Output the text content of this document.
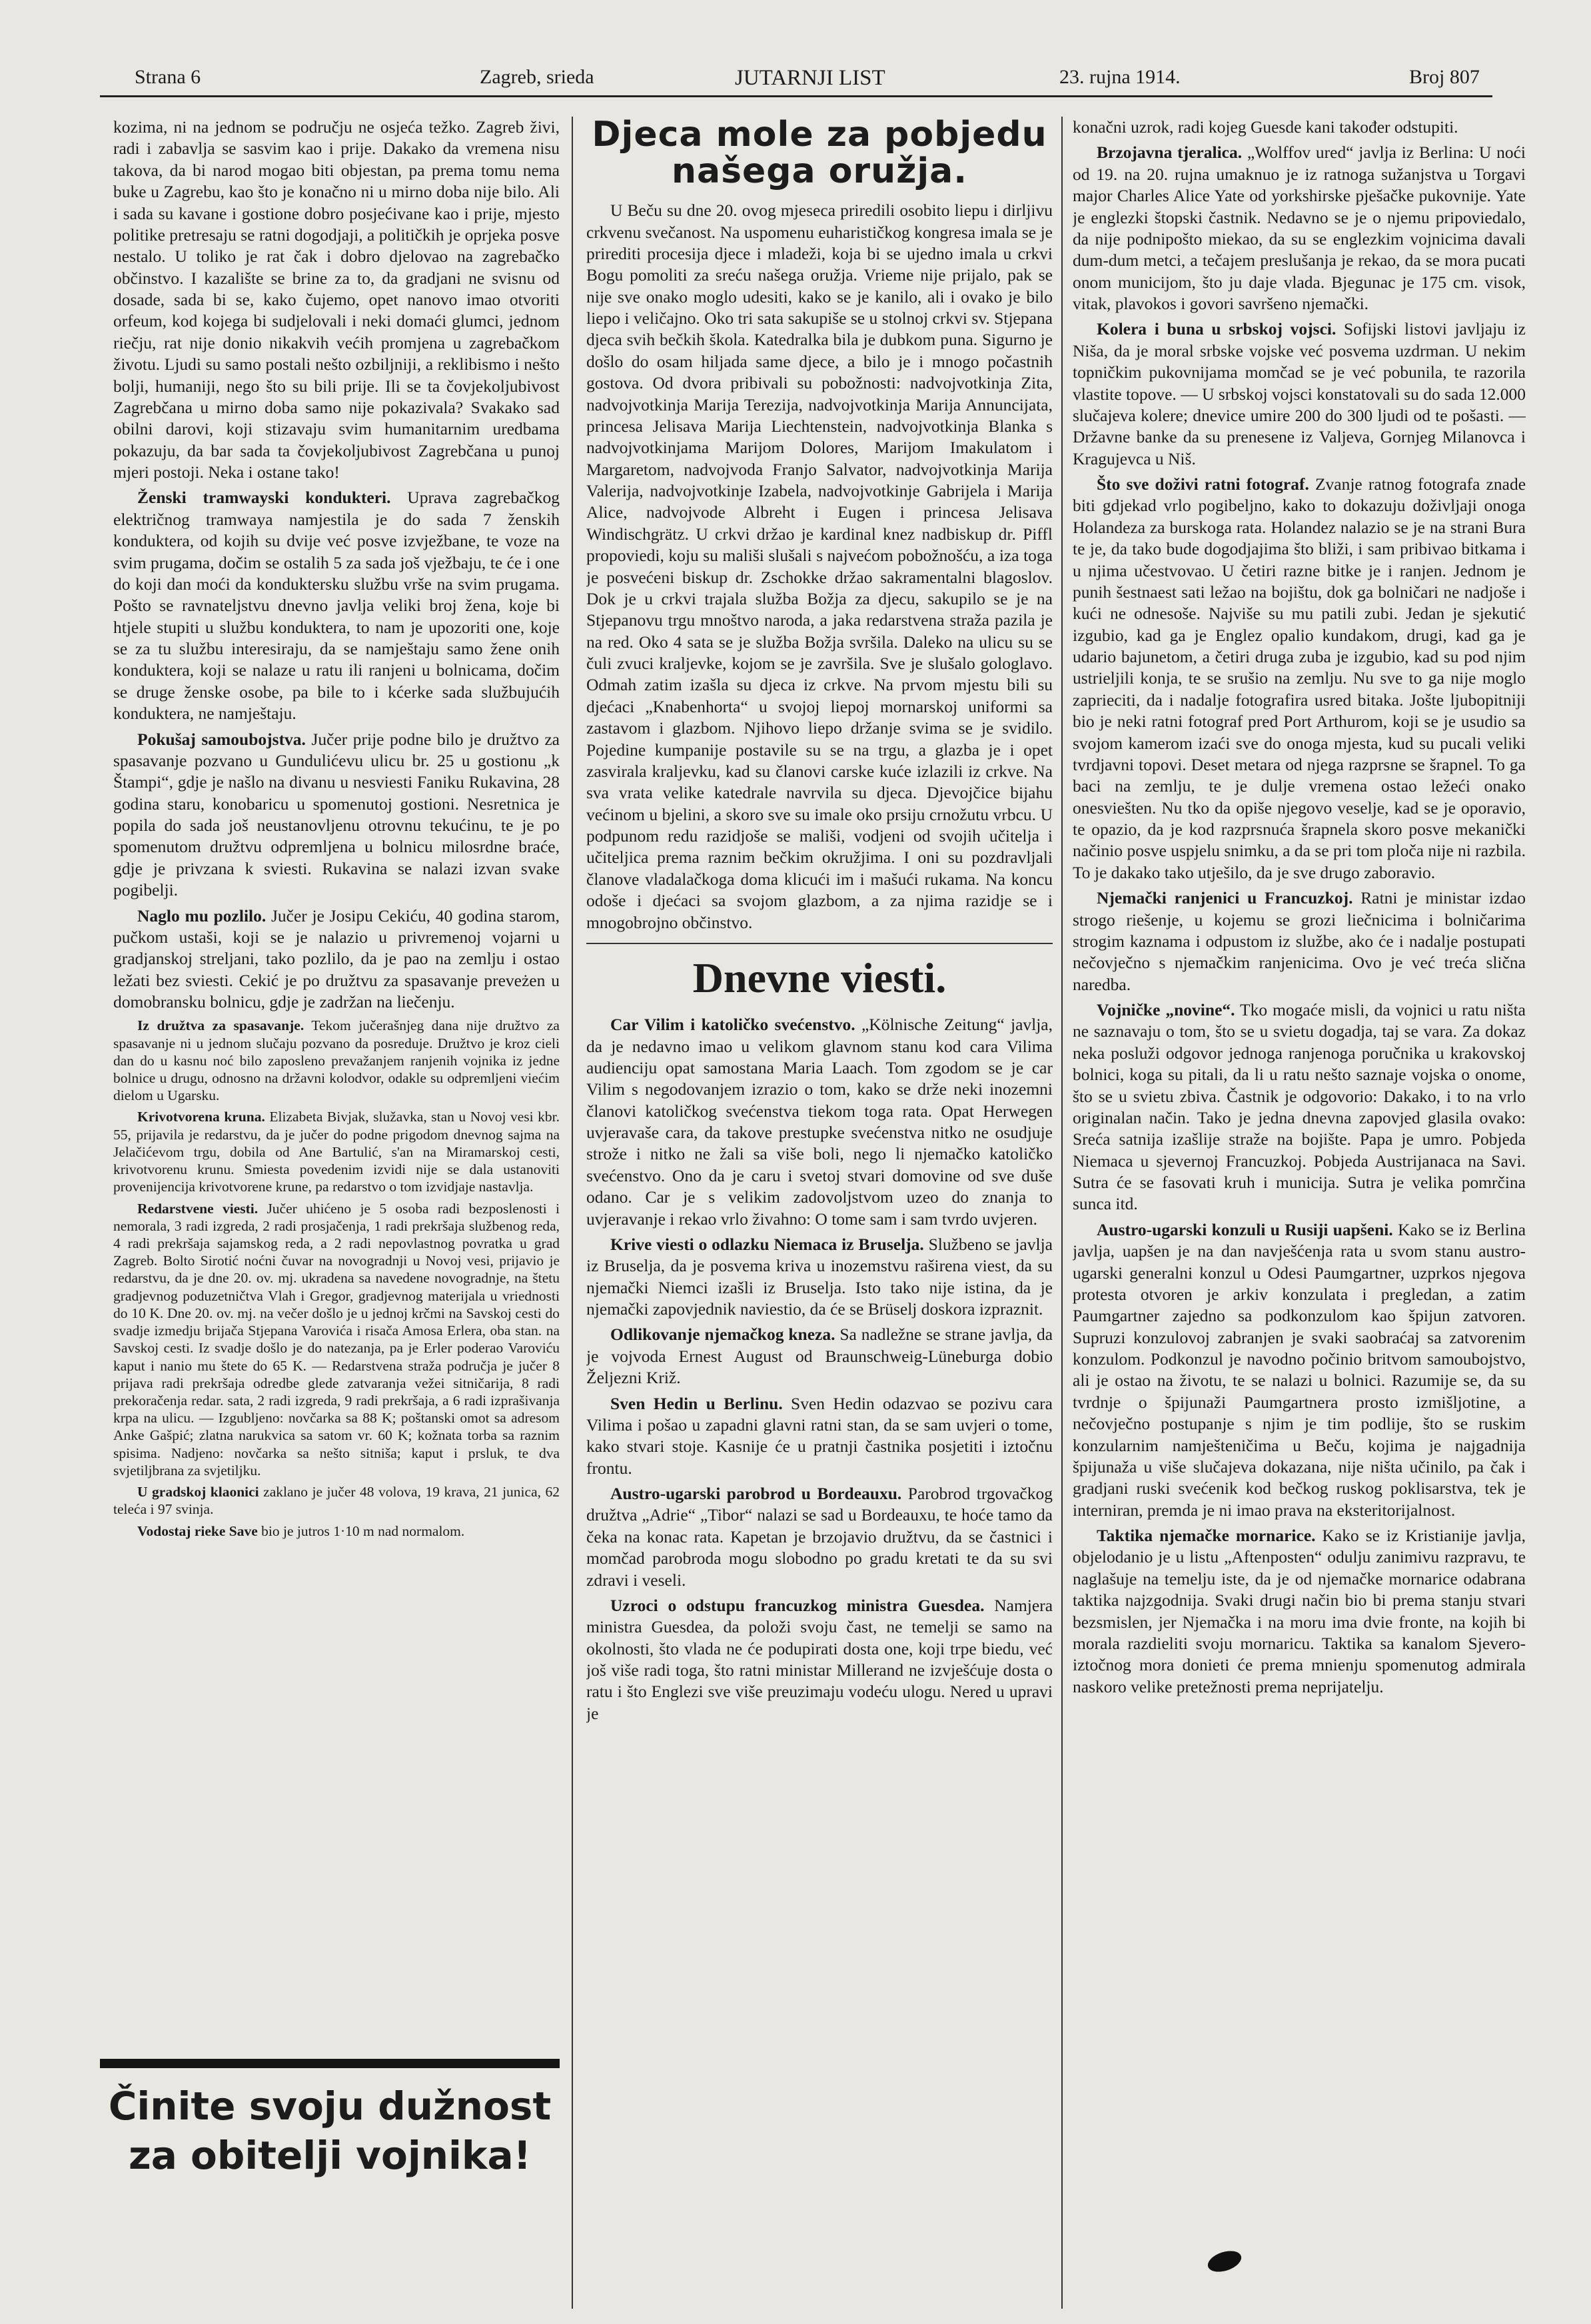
Strana 6	Zagreb, srieda	JUTARNJI LIST	23. rujna 1914.	Broj 807

kozima, ni na jednom se području ne osjeća težko. Zagreb živi, radi i zabavlja se sasvim kao i prije. Dakako da vremena nisu takova, da bi narod mogao biti objestan, pa prema tomu nema buke u Zagrebu, kao što je konačno ni u mirno doba nije bilo. Ali i sada su kavane i gostione dobro posjećivane kao i prije, mjesto politike pretresaju se ratni dogodjaji, a političkih je oprjeka posve nestalo. U toliko je rat čak i dobro djelovao na zagrebačko občinstvo. I kazalište se brine za to, da gradjani ne svisnu od dosade, sada bi se, kako čujemo, opet nanovo imao otvoriti orfeum, kod kojega bi sudjelovali i neki domaći glumci, jednom riečju, rat nije donio nikakvih većih promjena u zagrebačkom životu. Ljudi su samo postali nešto ozbiljniji, a reklibismo i nešto bolji, humaniji, nego što su bili prije. Ili se ta čovjekoljubivost Zagrebčana u mirno doba samo nije pokazivala? Svakako sad obilni darovi, koji stizavaju svim humanitarnim uredbama pokazuju, da bar sada ta čovjekoljubivost Zagrebčana u punoj mjeri postoji. Neka i ostane tako!

Ženski tramwayski kondukteri. Uprava zagrebačkog električnog tramwaya namjestila je do sada 7 ženskih konduktera, od kojih su dvije već posve izvježbane, te voze na svim prugama, dočim se ostalih 5 za sada još vježbaju, te će i one do koji dan moći da konduktersku službu vrše na svim prugama. Pošto se ravnateljstvu dnevno javlja veliki broj žena, koje bi htjele stupiti u službu konduktera, to nam je upozoriti one, koje se za tu službu interesiraju, da se namještaju samo žene onih konduktera, koji se nalaze u ratu ili ranjeni u bolnicama, dočim se druge ženske osobe, pa bile to i kćerke sada službujućih konduktera, ne namještaju.

Pokušaj samoubojstva. Jučer prije podne bilo je družtvo za spasavanje pozvano u Gundulićevu ulicu br. 25 u gostionu „k Štampi“, gdje je našlo na divanu u nesviesti Faniku Rukavina, 28 godina staru, konobaricu u spomenutoj gostioni. Nesretnica je popila do sada još neustanovljenu otrovnu tekućinu, te je po spomenutom družtvu odpremljena u bolnicu milosrdne braće, gdje je privzana k sviesti. Rukavina se nalazi izvan svake pogibelji.

Naglo mu pozlilo. Jučer je Josipu Cekiću, 40 godina starom, pučkom ustaši, koji se je nalazio u privremenoj vojarni u gradjanskoj streljani, tako pozlilo, da je pao na zemlju i ostao ležati bez sviesti. Cekić je po družtvu za spasavanje preveżen u domobransku bolnicu, gdje je zadržan na liečenju.

Iz družtva za spasavanje. Tekom jučerašnjeg dana nije družtvo za spasavanje ni u jednom slučaju pozvano da posreduje. Družtvo je kroz cieli dan do u kasnu noć bilo zaposleno prevažanjem ranjenih vojnika iz jedne bolnice u drugu, odnosno na državni kolodvor, odakle su odpremljeni viećim dielom u Ugarsku.

Krivotvorena kruna. Elizabeta Bivjak, služavka, stan u Novoj vesi kbr. 55, prijavila je redarstvu, da je jučer do podne prigodom dnevnog sajma na Jelačićevom trgu, dobila od Ane Bartulić, s'an na Miramarskoj cesti, krivotvorenu krunu. Smiesta povedenim izvidi nije se dala ustanoviti provenijencija krivotvorene krune, pa redarstvo o tom izvidjaje nastavlja.

Redarstvene viesti. Jučer uhićeno je 5 osoba radi bezposlenosti i nemorala, 3 radi izgreda, 2 radi prosjačenja, 1 radi prekršaja službenog reda, 4 radi prekršaja sajamskog reda, a 2 radi nepovlastnog povratka u grad Zagreb. Bolto Sirotić noćni čuvar na novogradnji u Novoj vesi, prijavio je redarstvu, da je dne 20. ov. mj. ukradena sa navedene novogradnje, na štetu gradjevnog poduzetničtva Vlah i Gregor, gradjevnog materijala u vriednosti do 10 K. Dne 20. ov. mj. na večer došlo je u jednoj krčmi na Savskoj cesti do svadje izmedju brijača Stjepana Varovića i risača Amosa Erlera, oba stan. na Savskoj cesti. Iz svadje došlo je do natezanja, pa je Erler poderao Varoviću kaput i nanio mu štete do 65 K. — Redarstvena straža područja je jučer 8 prijava radi prekršaja odredbe glede zatvaranja vežei sitničarija, 8 radi prekoračenja redar. sata, 2 radi izgreda, 9 radi prekršaja, a 6 radi izprašivanja krpa na ulicu. — Izgubljeno: novčarka sa 88 K; poštanski omot sa adresom Anke Gašpić; zlatna narukvica sa satom vr. 60 K; kožnata torba sa raznim spisima. Nadjeno: novčarka sa nešto sitniša; kaput i prsluk, te dva svjetiljbrana za svjetiljku.

U gradskoj klaonici zaklano je jučer 48 volova, 19 krava, 21 junica, 62 teleća i 97 svinja.

Vodostaj rieke Save bio je jutros 1·10 m nad normalom.

Činite svoju dužnost
za obitelji vojnika!
Djeca mole za pobjedu našega oružja.

U Beču su dne 20. ovog mjeseca priredili osobito liepu i dirljivu crkvenu svečanost. Na uspomenu euharističkog kongresa imala se je prirediti procesija djece i mladeži, koja bi se ujedno imala u crkvi Bogu pomoliti za sreću našega oružja. Vrieme nije prijalo, pak se nije sve onako moglo udesiti, kako se je kanilo, ali i ovako je bilo liepo i veličajno. Oko tri sata sakupiše se u stolnoj crkvi sv. Stjepana djeca svih bečkih škola. Katedralka bila je dubkom puna. Sigurno je došlo do osam hiljada same djece, a bilo je i mnogo počastnih gostova. Od dvora pribivali su pobožnosti: nadvojvotkinja Zita, nadvojvotkinja Marija Terezija, nadvojvotkinja Marija Annuncijata, princesa Jelisava Marija Liechtenstein, nadvojvotkinja Blanka s nadvojvotkinjama Marijom Dolores, Marijom Imakulatom i Margaretom, nadvojvoda Franjo Salvator, nadvojvotkinja Marija Valerija, nadvojvotkinje Izabela, nadvojvotkinje Gabrijela i Marija Alice, nadvojvode Albreht i Eugen i princesa Jelisava Windischgrätz. U crkvi držao je kardinal knez nadbiskup dr. Piffl propoviedi, koju su mališi slušali s najvećom pobožnošću, a iza toga je posvećeni biskup dr. Zschokke držao sakramentalni blagoslov. Dok je u crkvi trajala služba Božja za djecu, sakupilo se je na Stjepanovu trgu mnoštvo naroda, a jaka redarstvena straža pazila je na red. Oko 4 sata se je služba Božja svršila. Daleko na ulicu su se čuli zvuci kraljevke, kojom se je završila. Sve je slušalo gologlavo. Odmah zatim izašla su djeca iz crkve. Na prvom mjestu bili su djećaci „Knabenhorta“ u svojoj liepoj mornarskoj uniformi sa zastavom i glazbom. Njihovo liepo držanje svima se je svidilo. Pojedine kumpanije postavile su se na trgu, a glazba je i opet zasvirala kraljevku, kad su članovi carske kuće izlazili iz crkve. Na sva vrata velike katedrale navrvila su djeca. Djevojčice bijahu većinom u bjelini, a skoro sve su imale oko prsiju crnožutu vrbcu. U podpunom redu razidjoše se mališi, vodjeni od svojih učitelja i učiteljica prema raznim bečkim okružjima. I oni su pozdravljali članove vladalačkoga doma klicući im i mašući rukama. Na koncu odoše i djećaci sa svojom glazbom, a za njima razidje se i mnogobrojno občinstvo.

Dnevne viesti.

Car Vilim i katoličko svećenstvo. „Kölnische Zeitung“ javlja, da je nedavno imao u velikom glavnom stanu kod cara Vilima audienciju opat samostana Maria Laach. Tom zgodom se je car Vilim s negodovanjem izrazio o tom, kako se drže neki inozemni članovi katoličkog svećenstva tiekom toga rata. Opat Herwegen uvjeravaše cara, da takove prestupke svećenstva nitko ne osudjuje strože i nitko ne žali sa više boli, nego li njemačko katoličko svećenstvo. Ono da je caru i svetoj stvari domovine od sve duše odano. Car je s velikim zadovoljstvom uzeo do znanja to uvjeravanje i rekao vrlo živahno: O tome sam i sam tvrdo uvjeren.

Krive viesti o odlazku Niemaca iz Bruselja. Službeno se javlja iz Bruselja, da je posvema kriva u inozemstvu raširena viest, da su njemački Niemci izašli iz Bruselja. Isto tako nije istina, da je njemački zapovjednik naviestio, da će se Brüselj doskora izpraznit.

Odlikovanje njemačkog kneza. Sa nadležne se strane javlja, da je vojvoda Ernest August od Braunschweig-Lüneburga dobio Željezni Križ.

Sven Hedin u Berlinu. Sven Hedin odazvao se pozivu cara Vilima i pošao u zapadni glavni ratni stan, da se sam uvjeri o tome, kako stvari stoje. Kasnije će u pratnji častnika posjetiti i iztočnu frontu.

Austro-ugarski parobrod u Bordeauxu. Parobrod trgovačkog družtva „Adrie“ „Tibor“ nalazi se sad u Bordeauxu, te hoće tamo da čeka na konac rata. Kapetan je brzojavio družtvu, da se častnici i momčad parobroda mogu slobodno po gradu kretati te da su svi zdravi i veseli.

Uzroci o odstupu francuzkog ministra Guesdea. Namjera ministra Guesdea, da položi svoju čast, ne temelji se samo na okolnosti, što vlada ne će podupirati dosta one, koji trpe biedu, već još više radi toga, što ratni ministar Millerand ne izvješćuje dosta o ratu i što Englezi sve više preuzimaju vodeću ulogu. Nered u upravi je

konačni uzrok, radi kojeg Guesde kani također odstupiti.

Brzojavna tjeralica. „Wolffov ured“ javlja iz Berlina: U noći od 19. na 20. rujna umaknuo je iz ratnoga sužanjstva u Torgavi major Charles Alice Yate od yorkshirske pješačke pukovnije. Yate je englezki štopski častnik. Nedavno se je o njemu pripoviedalo, da nije podnipošto miekao, da su se englezkim vojnicima davali dum-dum metci, a tečajem preslušanja je rekao, da se mora pucati onom municijom, što ju daje vlada. Bjegunac je 175 cm. visok, vitak, plavokos i govori savršeno njemački.

Kolera i buna u srbskoj vojsci. Sofijski listovi javljaju iz Niša, da je moral srbske vojske već posvema uzdrman. U nekim topničkim pukovnijama momčad se je već pobunila, te razorila vlastite topove. — U srbskoj vojsci konstatovali su do sada 12.000 slučajeva kolere; dnevice umire 200 do 300 ljudi od te pošasti. — Državne banke da su prenesene iz Valjeva, Gornjeg Milanovca i Kragujevca u Niš.

Što sve doživi ratni fotograf. Zvanje ratnog fotografa znade biti gdjekad vrlo pogibeljno, kako to dokazuju doživljaji onoga Holandeza za burskoga rata. Holandez nalazio se je na strani Bura te je, da tako bude dogodjajima što bliži, i sam pribivao bitkama i u njima učestvovao. U četiri razne bitke je i ranjen. Jednom je punih šestnaest sati ležao na bojištu, dok ga bolničari ne nadjoše i kući ne odnesoše. Najviše su mu patili zubi. Jedan je sjekutić izgubio, kad ga je Englez opalio kundakom, drugi, kad ga je udario bajunetom, a četiri druga zuba je izgubio, kad su pod njim ustrieljili konja, te se srušio na zemlju. Nu sve to ga nije moglo zaprieciti, da i nadalje fotografira usred bitaka. Jošte ljubopitniji bio je neki ratni fotograf pred Port Arthurom, koji se je usudio sa svojom kamerom izaći sve do onoga mjesta, kud su pucali veliki tvrdjavni topovi. Deset metara od njega razprsne se šrapnel. To ga baci na zemlju, te je dulje vremena ostao ležeći onako onesviešten. Nu tko da opiše njegovo veselje, kad se je oporavio, te opazio, da je kod razprsnuća šrapnela skoro posve mekanički načinio posve uspjelu snimku, a da se pri tom ploča nije ni razbila. To je dakako tako utješilo, da je sve drugo zaboravio.

Njemački ranjenici u Francuzkoj. Ratni je ministar izdao strogo riešenje, u kojemu se grozi liečnicima i bolničarima strogim kaznama i odpustom iz službe, ako će i nadalje postupati nečovječno s njemačkim ranjenicima. Ovo je već treća slična naredba.

Vojničke „novine“. Tko mogaće misli, da vojnici u ratu ništa ne saznavaju o tom, što se u svietu dogadja, taj se vara. Za dokaz neka posluži odgovor jednoga ranjenoga poručnika u krakovskoj bolnici, koga su pitali, da li u ratu nešto saznaje vojska o onome, što se u svietu zbiva. Častnik je odgovorio: Dakako, i to na vrlo originalan način. Tako je jedna dnevna zapovjed glasila ovako: Sreća satnija izašlije straže na bojište. Papa je umro. Pobjeda Niemaca u sjevernoj Francuzkoj. Pobjeda Austrijanaca na Savi. Sutra će se fasovati kruh i municija. Sutra je velika pomrčina sunca itd.

Austro-ugarski konzuli u Rusiji uapšeni. Kako se iz Berlina javlja, uapšen je na dan navješćenja rata u svom stanu austro-ugarski generalni konzul u Odesi Paumgartner, uzprkos njegova protesta otvoren je arkiv konzulata i pregledan, a zatim Paumgartner zajedno sa podkonzulom kao špijun zatvoren. Supruzi konzulovoj zabranjen je svaki saobraćaj sa zatvorenim konzulom. Podkonzul je navodno počinio britvom samoubojstvo, ali je ostao na životu, te se nalazi u bolnici. Razumije se, da su tvrdnje o špijunaži Paumgartnera prosto izmišljotine, a nečovječno postupanje s njim je tim podlije, što se ruskim konzularnim namješteničima u Beču, kojima je najgadnija špijunaža u više slučajeva dokazana, nije ništa učinilo, pa čak i gradjani ruski svećenik kod bečkog ruskog poklisarstva, tek je interniran, premda je ni imao prava na eksteritorijalnost.

Taktika njemačke mornarice. Kako se iz Kristianije javlja, objelodanio je u listu „Aftenposten“ odulju zanimivu razpravu, te naglašuje na temelju iste, da je od njemačke mornarice odabrana taktika najzgodnija. Svaki drugi način bio bi prema stanju stvari bezsmislen, jer Njemačka i na moru ima dvie fronte, na kojih bi morala razdieliti svoju mornaricu. Taktika sa kanalom Sjevero-iztočnog mora donieti će prema mnienju spomenutog admirala naskoro velike pretežnosti prema neprijatelju.
